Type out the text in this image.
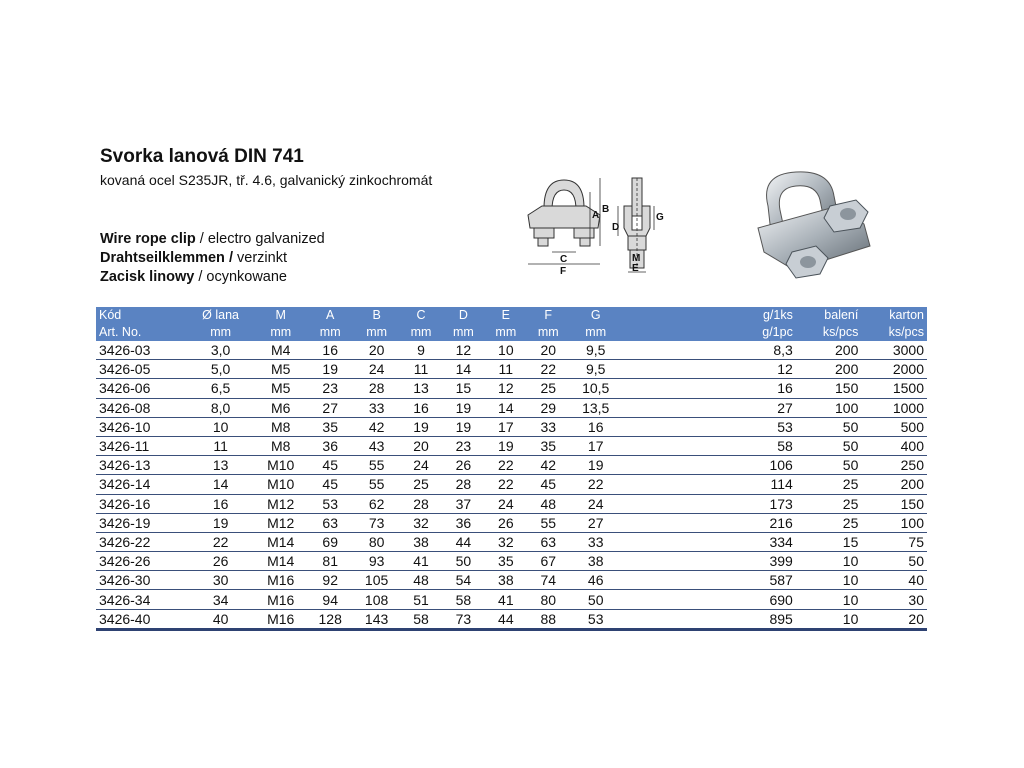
Svorka lanová DIN 741
kovaná ocel S235JR, tř. 4.6, galvanický zinkochromát
Wire rope clip / electro galvanized
Drahtseilklemmen / verzinkt
Zacisk linowy / ocynkowane
A
B
C
F
D
G
M
E
Kód	Ø lana	M	A	B	C	D	E	F	G		g/1ks	balení	karton
Art. No.	mm	mm	mm	mm	mm	mm	mm	mm	mm		g/1pc	ks/pcs	ks/pcs
3426-03	3,0	M4	16	20	9	12	10	20	9,5		8,3	200	3000
3426-05	5,0	M5	19	24	11	14	11	22	9,5		12	200	2000
3426-06	6,5	M5	23	28	13	15	12	25	10,5		16	150	1500
3426-08	8,0	M6	27	33	16	19	14	29	13,5		27	100	1000
3426-10	10	M8	35	42	19	19	17	33	16		53	50	500
3426-11	11	M8	36	43	20	23	19	35	17		58	50	400
3426-13	13	M10	45	55	24	26	22	42	19		106	50	250
3426-14	14	M10	45	55	25	28	22	45	22		114	25	200
3426-16	16	M12	53	62	28	37	24	48	24		173	25	150
3426-19	19	M12	63	73	32	36	26	55	27		216	25	100
3426-22	22	M14	69	80	38	44	32	63	33		334	15	75
3426-26	26	M14	81	93	41	50	35	67	38		399	10	50
3426-30	30	M16	92	105	48	54	38	74	46		587	10	40
3426-34	34	M16	94	108	51	58	41	80	50		690	10	30
3426-40	40	M16	128	143	58	73	44	88	53		895	10	20
